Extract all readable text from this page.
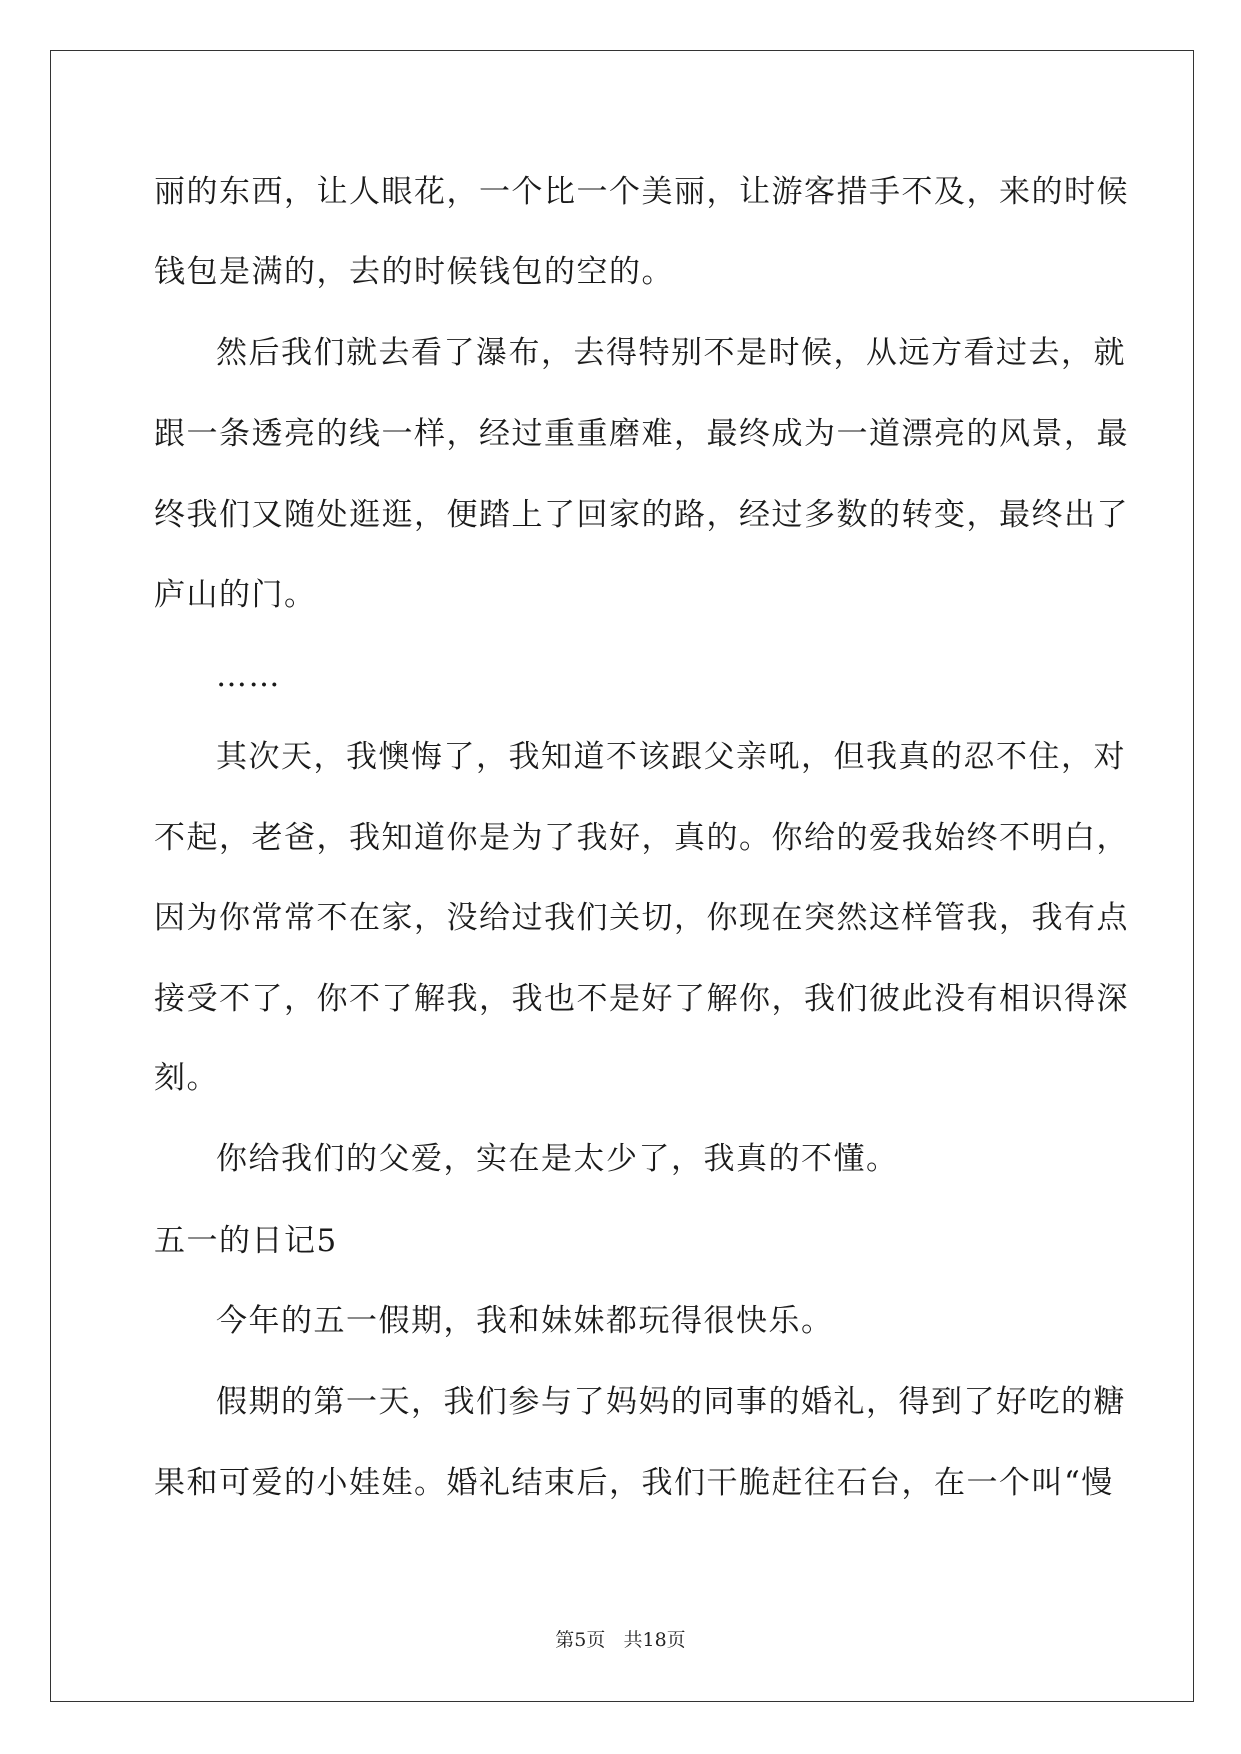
丽的东西，让人眼花，一个比一个美丽，让游客措手不及，来的时候
钱包是满的，去的时候钱包的空的。
然后我们就去看了瀑布，去得特别不是时候，从远方看过去，就
跟一条透亮的线一样，经过重重磨难，最终成为一道漂亮的风景，最
终我们又随处逛逛，便踏上了回家的路，经过多数的转变，最终出了
庐山的门。
……
其次天，我懊悔了，我知道不该跟父亲吼，但我真的忍不住，对
不起，老爸，我知道你是为了我好，真的。你给的爱我始终不明白，
因为你常常不在家，没给过我们关切，你现在突然这样管我，我有点
接受不了，你不了解我，我也不是好了解你，我们彼此没有相识得深
刻。
你给我们的父爱，实在是太少了，我真的不懂。
五一的日记5
今年的五一假期，我和妹妹都玩得很快乐。
假期的第一天，我们参与了妈妈的同事的婚礼，得到了好吃的糖
果和可爱的小娃娃。婚礼结束后，我们干脆赶往石台，在一个叫“慢
第5页   共18页
